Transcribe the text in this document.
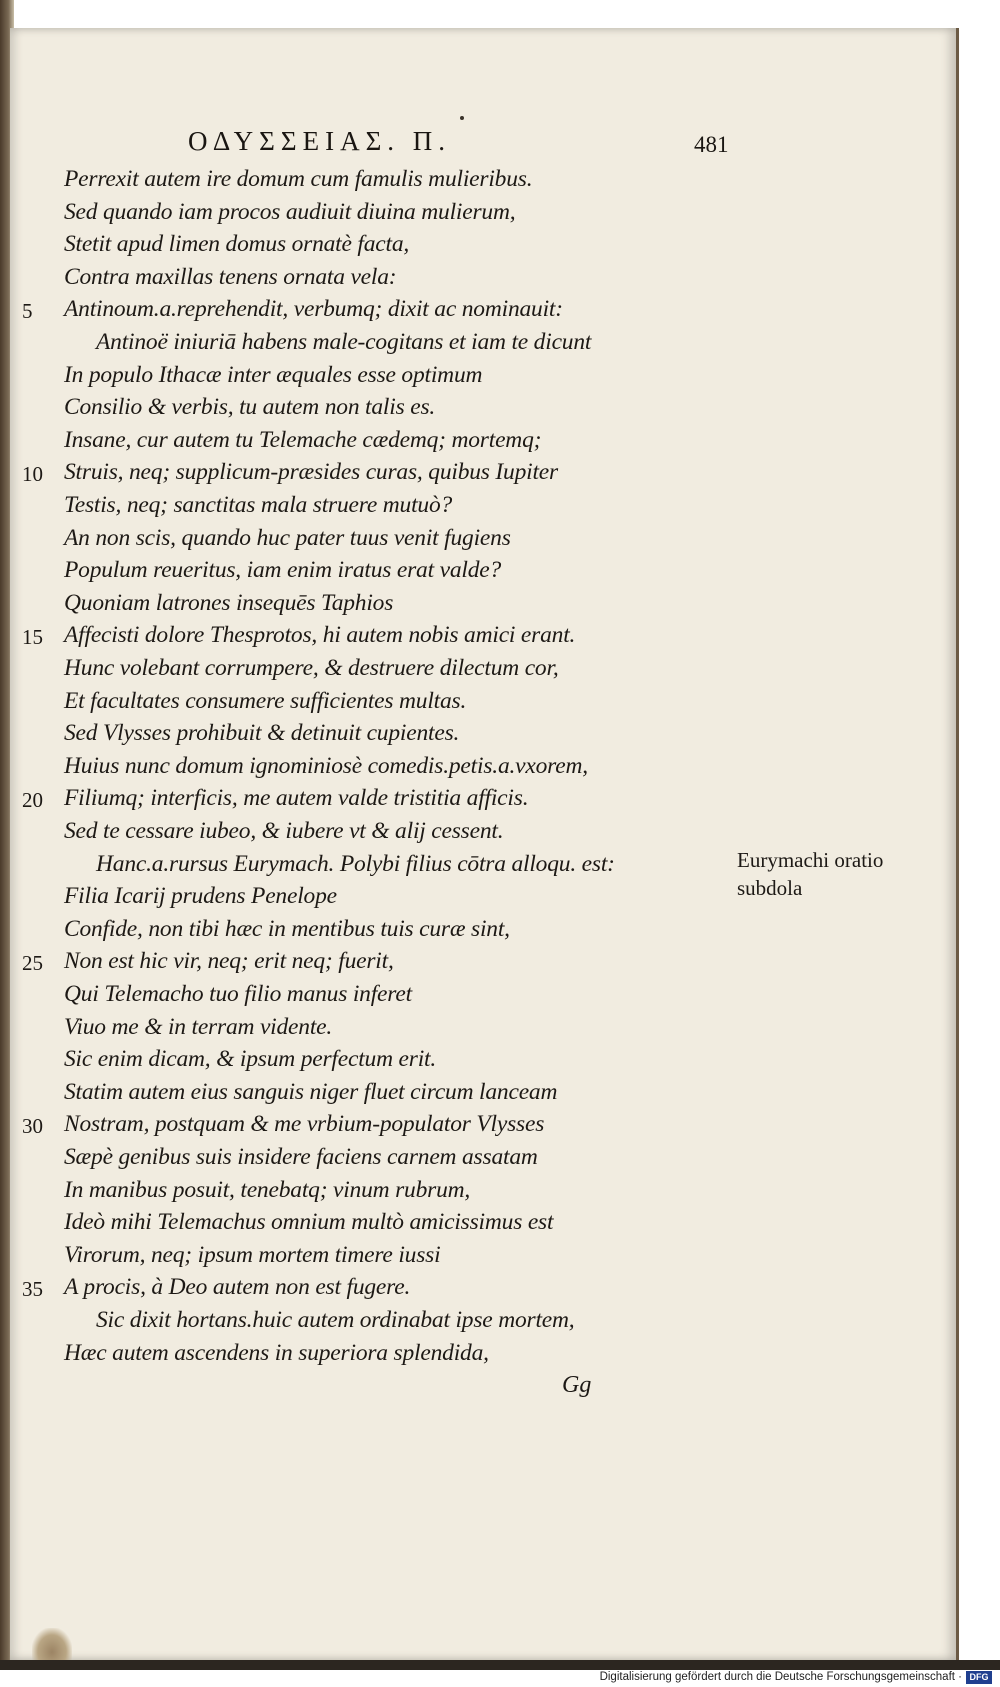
ΟΔΥΣΣΕΙΑΣ. Π.	481
Perrexit autem ire domum cum famulis mulieribus.
Sed quando iam procos audiuit diuina mulierum,
Stetit apud limen domus ornatè facta,
Contra maxillas tenens ornata vela:
5	Antinoum.a.reprehendit, verbumq; dixit ac nominauit:
Antinoë iniuriā habens male-cogitans et iam te dicunt
In populo Ithacæ inter æquales esse optimum
Consilio & verbis, tu autem non talis es.
Insane, cur autem tu Telemache cædemq; mortemq;
10 Struis, neq; supplicum-præsides curas, quibus Iupiter
Testis, neq; sanctitas mala struere mutuò?
An non scis, quando huc pater tuus venit fugiens
Populum reueritus, iam enim iratus erat valde?
Quoniam latrones insequēs Taphios
15 Affecisti dolore Thesprotos, hi autem nobis amici erant.
Hunc volebant corrumpere, & destruere dilectum cor,
Et facultates consumere sufficientes multas.
Sed Vlysses prohibuit & detinuit cupientes.
Huius nunc domum ignominiosè comedis.petis.a.vxorem,
20 Filiumq; interficis, me autem valde tristitia afficis.
Sed te cessare iubeo, & iubere vt & alij cessent.
Hanc.a.rursus Eurymach. Polybi filius cōtra alloqu. est:
Filia Icarij prudens Penelope
Confide, non tibi hæc in mentibus tuis curæ sint,
25 Non est hic vir, neq; erit neq; fuerit,
Qui Telemacho tuo filio manus inferet
Viuo me & in terram vidente.
Sic enim dicam, & ipsum perfectum erit.
Statim autem eius sanguis niger fluet circum lanceam
30 Nostram, postquam & me vrbium-populator Vlysses
Sæpè genibus suis insidere faciens carnem assatam
In manibus posuit, tenebatq; vinum rubrum,
Ideò mihi Telemachus omnium multò amicissimus est
Virorum, neq; ipsum mortem timere iussi
35 A procis, à Deo autem non est fugere.
Sic dixit hortans.huic autem ordinabat ipse mortem,
Hæc autem ascendens in superiora splendida,
Eurymachi oratio subdola
Gg
Digitalisierung gefördert durch die Deutsche Forschungsgemeinschaft · DFG
